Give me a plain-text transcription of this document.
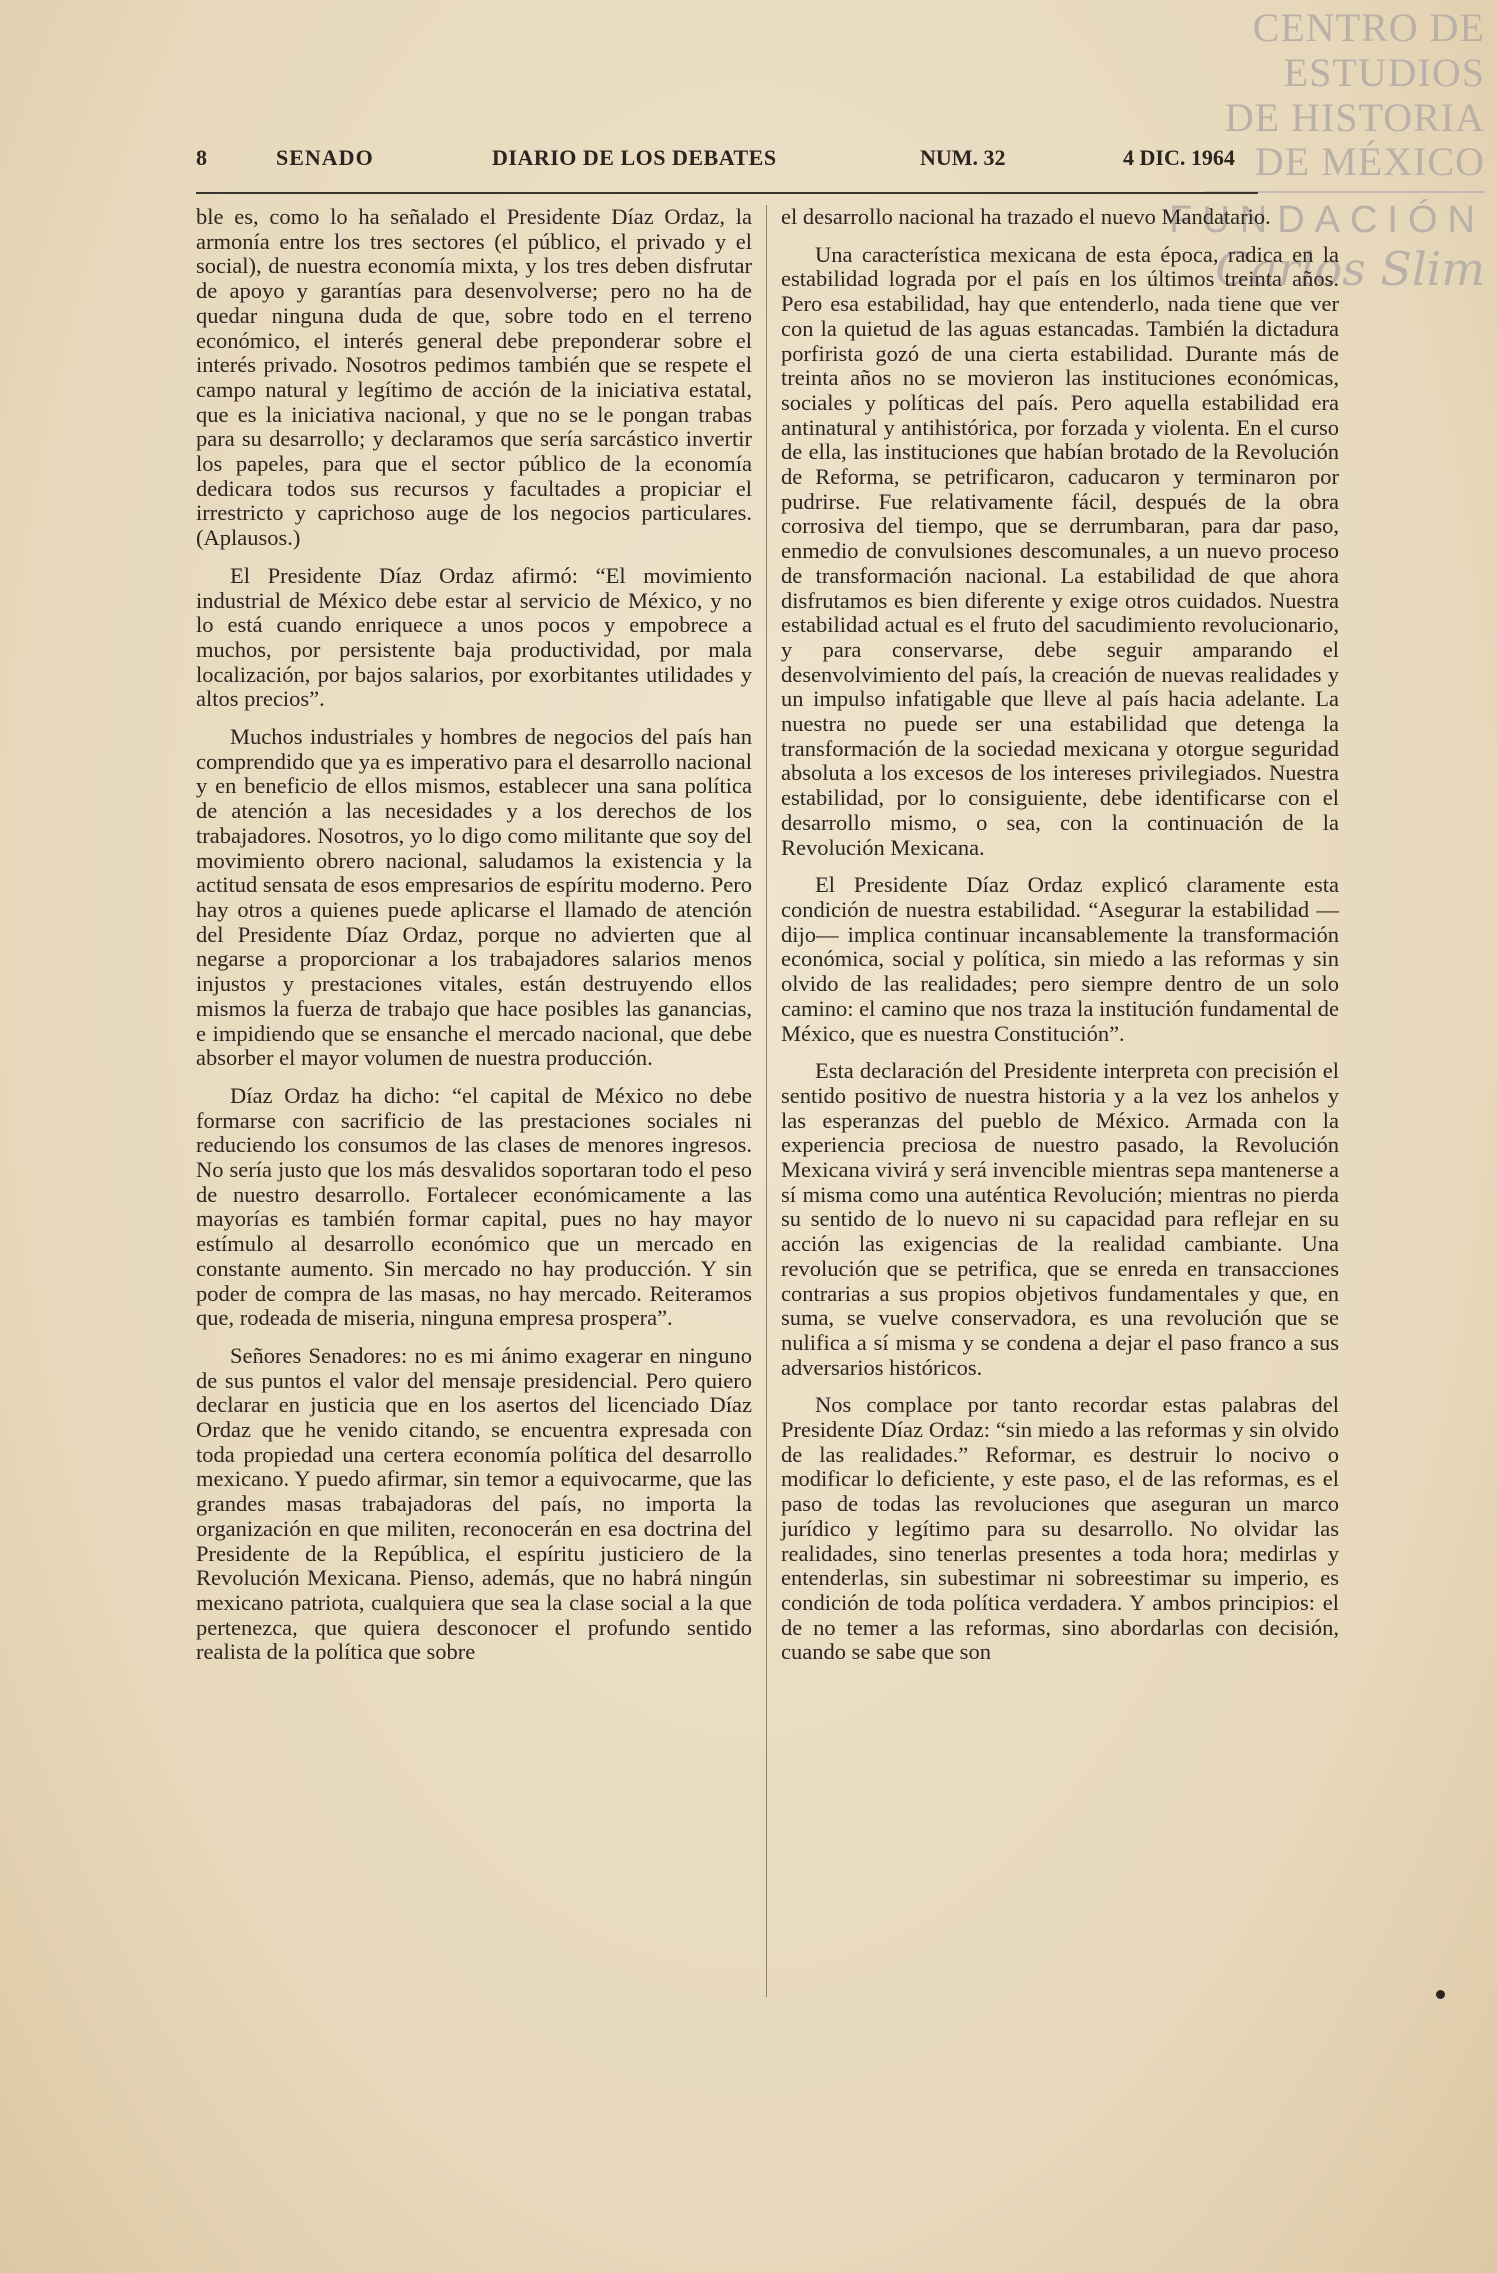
CENTRO DE
ESTUDIOS
DE HISTORIA
DE MÉXICO
FUNDACIÓN
Carlos Slim
8	SENADO	DIARIO DE LOS DEBATES	NUM. 32	4 DIC. 1964

ble es, como lo ha señalado el Presidente Díaz Ordaz, la armonía entre los tres sectores (el público, el privado y el social), de nuestra economía mixta, y los tres deben disfrutar de apoyo y garantías para desenvolverse; pero no ha de quedar ninguna duda de que, sobre todo en el terreno económico, el interés general debe preponderar sobre el interés privado. Nosotros pedimos también que se respete el campo natural y legítimo de acción de la iniciativa estatal, que es la iniciativa nacional, y que no se le pongan trabas para su desarrollo; y declaramos que sería sarcástico invertir los papeles, para que el sector público de la economía dedicara todos sus recursos y facultades a propiciar el irrestricto y caprichoso auge de los negocios particulares. (Aplausos.)

El Presidente Díaz Ordaz afirmó: “El movimiento industrial de México debe estar al servicio de México, y no lo está cuando enriquece a unos pocos y empobrece a muchos, por persistente baja productividad, por mala localización, por bajos salarios, por exorbitantes utilidades y altos precios”.

Muchos industriales y hombres de negocios del país han comprendido que ya es imperativo para el desarrollo nacional y en beneficio de ellos mismos, establecer una sana política de atención a las necesidades y a los derechos de los trabajadores. Nosotros, yo lo digo como militante que soy del movimiento obrero nacional, saludamos la existencia y la actitud sensata de esos empresarios de espíritu moderno. Pero hay otros a quienes puede aplicarse el llamado de atención del Presidente Díaz Ordaz, porque no advierten que al negarse a proporcionar a los trabajadores salarios menos injustos y prestaciones vitales, están destruyendo ellos mismos la fuerza de trabajo que hace posibles las ganancias, e impidiendo que se ensanche el mercado nacional, que debe absorber el mayor volumen de nuestra producción.

Díaz Ordaz ha dicho: “el capital de México no debe formarse con sacrificio de las prestaciones sociales ni reduciendo los consumos de las clases de menores ingresos. No sería justo que los más desvalidos soportaran todo el peso de nuestro desarrollo. Fortalecer económicamente a las mayorías es también formar capital, pues no hay mayor estímulo al desarrollo económico que un mercado en constante aumento. Sin mercado no hay producción. Y sin poder de compra de las masas, no hay mercado. Reiteramos que, rodeada de miseria, ninguna empresa prospera”.

Señores Senadores: no es mi ánimo exagerar en ninguno de sus puntos el valor del mensaje presidencial. Pero quiero declarar en justicia que en los asertos del licenciado Díaz Ordaz que he venido citando, se encuentra expresada con toda propiedad una certera economía política del desarrollo mexicano. Y puedo afirmar, sin temor a equivocarme, que las grandes masas trabajadoras del país, no importa la organización en que militen, reconocerán en esa doctrina del Presidente de la República, el espíritu justiciero de la Revolución Mexicana. Pienso, además, que no habrá ningún mexicano patriota, cualquiera que sea la clase social a la que pertenezca, que quiera desconocer el profundo sentido realista de la política que sobre

el desarrollo nacional ha trazado el nuevo Mandatario.

Una característica mexicana de esta época, radica en la estabilidad lograda por el país en los últimos treinta años. Pero esa estabilidad, hay que entenderlo, nada tiene que ver con la quietud de las aguas estancadas. También la dictadura porfirista gozó de una cierta estabilidad. Durante más de treinta años no se movieron las instituciones económicas, sociales y políticas del país. Pero aquella estabilidad era antinatural y antihistórica, por forzada y violenta. En el curso de ella, las instituciones que habían brotado de la Revolución de Reforma, se petrificaron, caducaron y terminaron por pudrirse. Fue relativamente fácil, después de la obra corrosiva del tiempo, que se derrumbaran, para dar paso, enmedio de convulsiones descomunales, a un nuevo proceso de transformación nacional. La estabilidad de que ahora disfrutamos es bien diferente y exige otros cuidados. Nuestra estabilidad actual es el fruto del sacudimiento revolucionario, y para conservarse, debe seguir amparando el desenvolvimiento del país, la creación de nuevas realidades y un impulso infatigable que lleve al país hacia adelante. La nuestra no puede ser una estabilidad que detenga la transformación de la sociedad mexicana y otorgue seguridad absoluta a los excesos de los intereses privilegiados. Nuestra estabilidad, por lo consiguiente, debe identificarse con el desarrollo mismo, o sea, con la continuación de la Revolución Mexicana.

El Presidente Díaz Ordaz explicó claramente esta condición de nuestra estabilidad. “Asegurar la estabilidad —dijo— implica continuar incansablemente la transformación económica, social y política, sin miedo a las reformas y sin olvido de las realidades; pero siempre dentro de un solo camino: el camino que nos traza la institución fundamental de México, que es nuestra Constitución”.

Esta declaración del Presidente interpreta con precisión el sentido positivo de nuestra historia y a la vez los anhelos y las esperanzas del pueblo de México. Armada con la experiencia preciosa de nuestro pasado, la Revolución Mexicana vivirá y será invencible mientras sepa mantenerse a sí misma como una auténtica Revolución; mientras no pierda su sentido de lo nuevo ni su capacidad para reflejar en su acción las exigencias de la realidad cambiante. Una revolución que se petrifica, que se enreda en transacciones contrarias a sus propios objetivos fundamentales y que, en suma, se vuelve conservadora, es una revolución que se nulifica a sí misma y se condena a dejar el paso franco a sus adversarios históricos.

Nos complace por tanto recordar estas palabras del Presidente Díaz Ordaz: “sin miedo a las reformas y sin olvido de las realidades.” Reformar, es destruir lo nocivo o modificar lo deficiente, y este paso, el de las reformas, es el paso de todas las revoluciones que aseguran un marco jurídico y legítimo para su desarrollo. No olvidar las realidades, sino tenerlas presentes a toda hora; medirlas y entenderlas, sin subestimar ni sobreestimar su imperio, es condición de toda política verdadera. Y ambos principios: el de no temer a las reformas, sino abordarlas con decisión, cuando se sabe que son
